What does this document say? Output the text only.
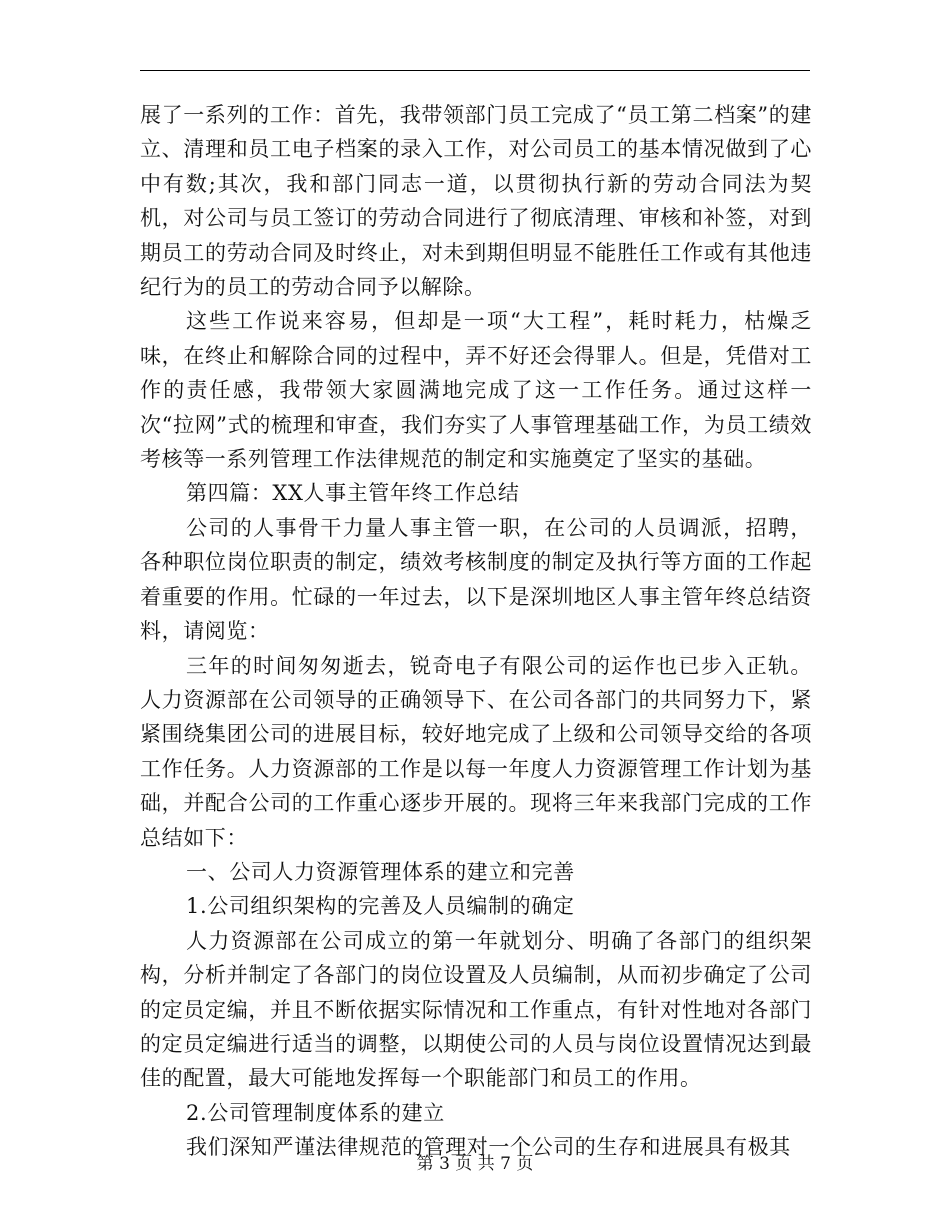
展了一系列的工作：首先，我带领部门员工完成了“员工第二档案”的建立、清理和员工电子档案的录入工作，对公司员工的基本情况做到了心中有数;其次，我和部门同志一道，以贯彻执行新的劳动合同法为契机，对公司与员工签订的劳动合同进行了彻底清理、审核和补签，对到期员工的劳动合同及时终止，对未到期但明显不能胜任工作或有其他违纪行为的员工的劳动合同予以解除。

这些工作说来容易，但却是一项“大工程”，耗时耗力，枯燥乏味，在终止和解除合同的过程中，弄不好还会得罪人。但是，凭借对工作的责任感，我带领大家圆满地完成了这一工作任务。通过这样一次“拉网”式的梳理和审查，我们夯实了人事管理基础工作，为员工绩效考核等一系列管理工作法律规范的制定和实施奠定了坚实的基础。

第四篇：XX人事主管年终工作总结

公司的人事骨干力量人事主管一职，在公司的人员调派，招聘，各种职位岗位职责的制定，绩效考核制度的制定及执行等方面的工作起着重要的作用。忙碌的一年过去，以下是深圳地区人事主管年终总结资料，请阅览：

三年的时间匆匆逝去，锐奇电子有限公司的运作也已步入正轨。人力资源部在公司领导的正确领导下、在公司各部门的共同努力下，紧紧围绕集团公司的进展目标，较好地完成了上级和公司领导交给的各项工作任务。人力资源部的工作是以每一年度人力资源管理工作计划为基础，并配合公司的工作重心逐步开展的。现将三年来我部门完成的工作总结如下：

一、公司人力资源管理体系的建立和完善

1.公司组织架构的完善及人员编制的确定

人力资源部在公司成立的第一年就划分、明确了各部门的组织架构，分析并制定了各部门的岗位设置及人员编制，从而初步确定了公司的定员定编，并且不断依据实际情况和工作重点，有针对性地对各部门的定员定编进行适当的调整，以期使公司的人员与岗位设置情况达到最佳的配置，最大可能地发挥每一个职能部门和员工的作用。

2.公司管理制度体系的建立

我们深知严谨法律规范的管理对一个公司的生存和进展具有极其

第 3 页 共 7 页
